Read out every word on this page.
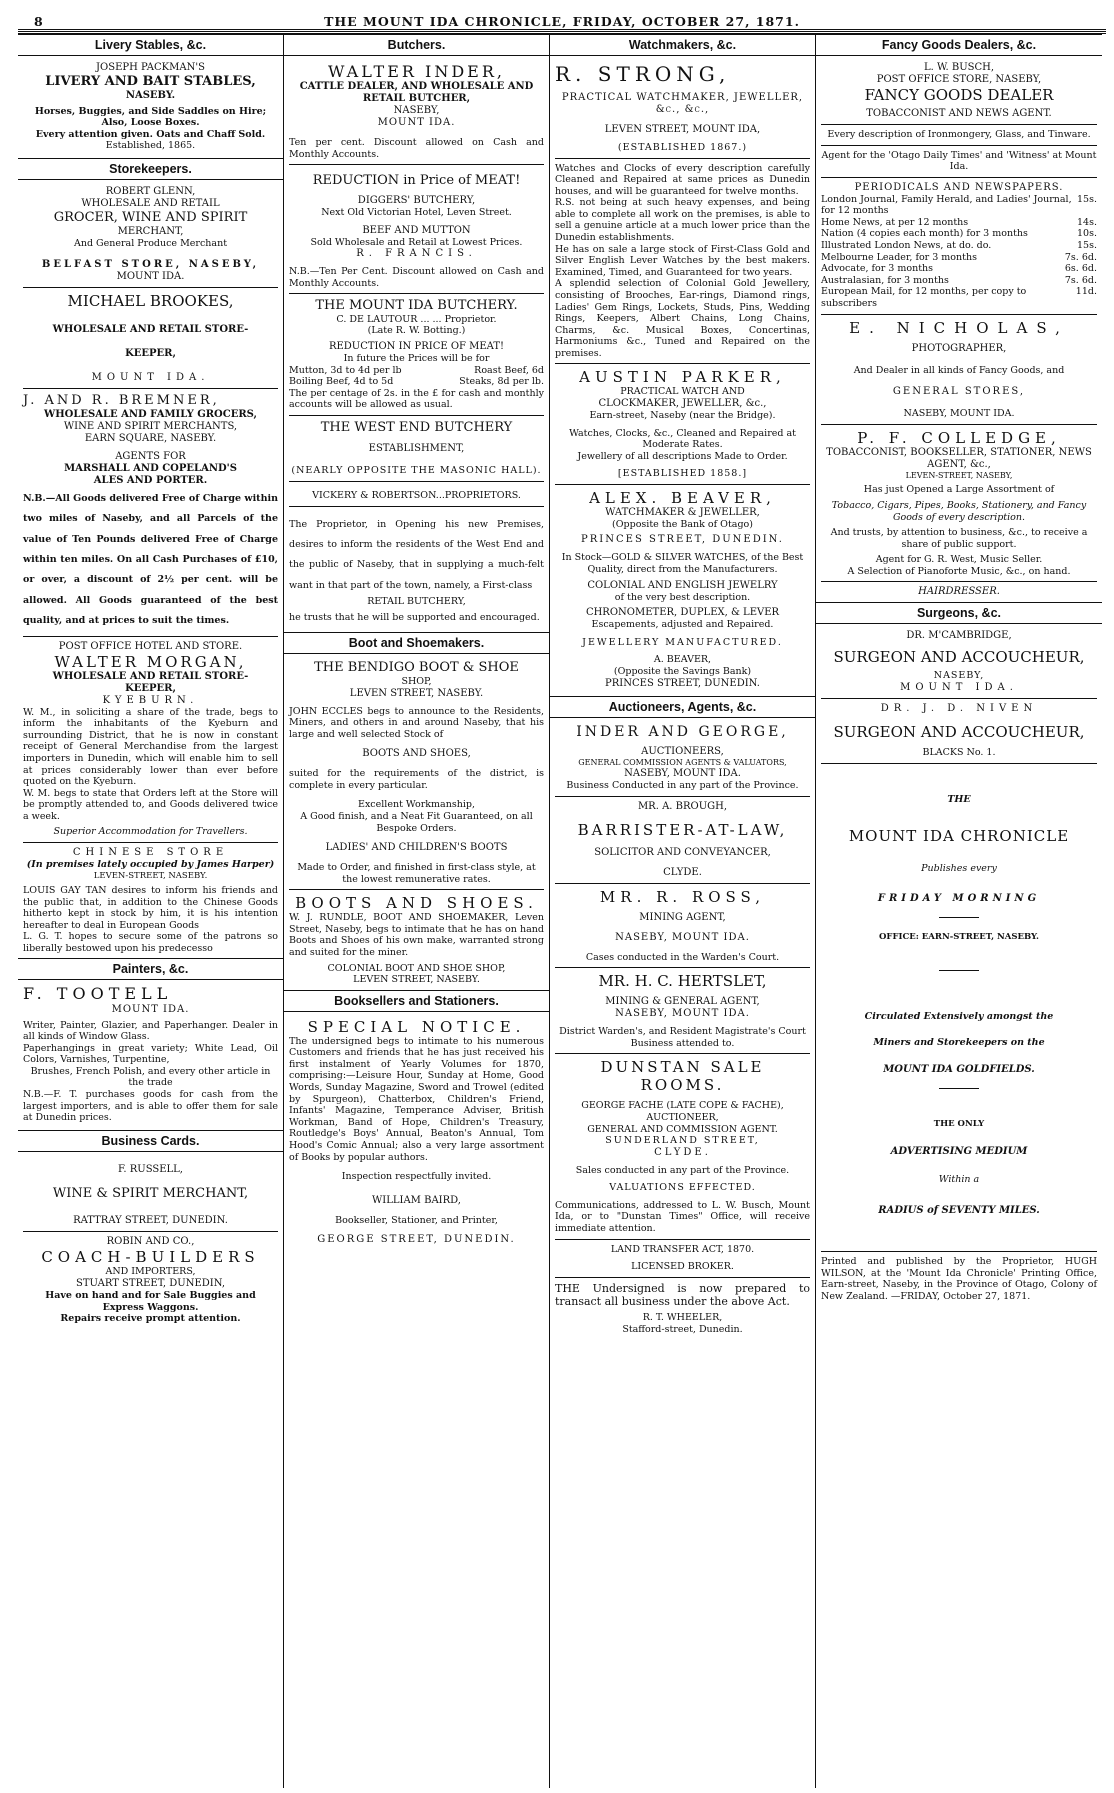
8	THE MOUNT IDA CHRONICLE, FRIDAY, OCTOBER 27, 1871.
Livery Stables, &c.
JOSEPH PACKMAN'S
LIVERY AND BAIT STABLES,
NASEBY.
Horses, Buggies, and Side Saddles on Hire; Also, Loose Boxes.
Every attention given. Oats and Chaff Sold.
Established, 1865.
Storekeepers.
ROBERT GLENN,
WHOLESALE AND RETAIL
GROCER, WINE AND SPIRIT
MERCHANT,
And General Produce Merchant
BELFAST STORE, NASEBY,
MOUNT IDA.
MICHAEL BROOKES,
WHOLESALE AND RETAIL STORE-
KEEPER,
MOUNT IDA.
J. AND R. BREMNER,
WHOLESALE AND FAMILY GROCERS,
WINE AND SPIRIT MERCHANTS,
EARN SQUARE, NASEBY.
AGENTS FOR
MARSHALL AND COPELAND'S
ALES AND PORTER.
N.B.—All Goods delivered Free of Charge within two miles of Naseby, and all Parcels of the value of Ten Pounds delivered Free of Charge within ten miles. On all Cash Purchases of £10, or over, a discount of 2½ per cent. will be allowed. All Goods guaranteed of the best quality, and at prices to suit the times.
POST OFFICE HOTEL AND STORE.
WALTER MORGAN,
WHOLESALE AND RETAIL STORE-
KEEPER,
KYEBURN.
W. M., in soliciting a share of the trade, begs to inform the inhabitants of the Kyeburn and surrounding District, that he is now in constant receipt of General Merchandise from the largest importers in Dunedin, which will enable him to sell at prices considerably lower than ever before quoted on the Kyeburn.
W. M. begs to state that Orders left at the Store will be promptly attended to, and Goods delivered twice a week.
Superior Accommodation for Travellers.
CHINESE STORE
(In premises lately occupied by James Harper)
LEVEN-STREET, NASEBY.
LOUIS GAY TAN desires to inform his friends and the public that, in addition to the Chinese Goods hitherto kept in stock by him, it is his intention hereafter to deal in European Goods
L. G. T. hopes to secure some of the patrons so liberally bestowed upon his predecesso
Painters, &c.
F. TOOTELL
MOUNT IDA.
Writer, Painter, Glazier, and Paperhanger. Dealer in all kinds of Window Glass.
Paperhangings in great variety; White Lead, Oil Colors, Varnishes, Turpentine,
Brushes, French Polish, and every other article in the trade
N.B.—F. T. purchases goods for cash from the largest importers, and is able to offer them for sale at Dunedin prices.
Business Cards.
F. RUSSELL,
WINE & SPIRIT MERCHANT,
RATTRAY STREET, DUNEDIN.
ROBIN AND CO.,
COACH-BUILDERS
AND IMPORTERS,
STUART STREET, DUNEDIN,
Have on hand and for Sale Buggies and Express Waggons.
Repairs receive prompt attention.
Butchers.
WALTER INDER,
CATTLE DEALER, AND WHOLESALE AND RETAIL BUTCHER,
NASEBY,
MOUNT IDA.
Ten per cent. Discount allowed on Cash and Monthly Accounts.
REDUCTION in Price of MEAT!
DIGGERS' BUTCHERY,
Next Old Victorian Hotel, Leven Street.
BEEF AND MUTTON
Sold Wholesale and Retail at Lowest Prices.
R. FRANCIS.
N.B.—Ten Per Cent. Discount allowed on Cash and Monthly Accounts.
THE MOUNT IDA BUTCHERY.
C. DE LAUTOUR ... ... Proprietor.
(Late R. W. Botting.)
REDUCTION IN PRICE OF MEAT!
In future the Prices will be for
Mutton, 3d to 4d per lb	Roast Beef, 6d
Boiling Beef, 4d to 5d	Steaks, 8d per lb.
The per centage of 2s. in the £ for cash and monthly accounts will be allowed as usual.
THE WEST END BUTCHERY
ESTABLISHMENT,
(NEARLY OPPOSITE THE MASONIC HALL).
VICKERY & ROBERTSON...PROPRIETORS.
The Proprietor, in Opening his new Premises, desires to inform the residents of the West End and the public of Naseby, that in supplying a much-felt want in that part of the town, namely, a First-class
RETAIL BUTCHERY,
he trusts that he will be supported and encouraged.
Boot and Shoemakers.
THE BENDIGO BOOT & SHOE
SHOP,
LEVEN STREET, NASEBY.
JOHN ECCLES begs to announce to the Residents, Miners, and others in and around Naseby, that his large and well selected Stock of
BOOTS AND SHOES,
suited for the requirements of the district, is complete in every particular.
Excellent Workmanship,
A Good finish, and a Neat Fit Guaranteed, on all Bespoke Orders.
LADIES' AND CHILDREN'S BOOTS
Made to Order, and finished in first-class style, at the lowest remunerative rates.
BOOTS AND SHOES.
W. J. RUNDLE, BOOT AND SHOEMAKER, Leven Street, Naseby, begs to intimate that he has on hand Boots and Shoes of his own make, warranted strong and suited for the miner.
COLONIAL BOOT AND SHOE SHOP,
LEVEN STREET, NASEBY.
Booksellers and Stationers.
SPECIAL NOTICE.
The undersigned begs to intimate to his numerous Customers and friends that he has just received his first instalment of Yearly Volumes for 1870, comprising:—Leisure Hour, Sunday at Home, Good Words, Sunday Magazine, Sword and Trowel (edited by Spurgeon), Chatterbox, Children's Friend, Infants' Magazine, Temperance Adviser, British Workman, Band of Hope, Children's Treasury, Routledge's Boys' Annual, Beaton's Annual, Tom Hood's Comic Annual; also a very large assortment of Books by popular authors.
Inspection respectfully invited.
WILLIAM BAIRD,
Bookseller, Stationer, and Printer,
GEORGE STREET, DUNEDIN.
Watchmakers, &c.
R. STRONG,
PRACTICAL WATCHMAKER, JEWELLER, &c., &c.,
LEVEN STREET, MOUNT IDA,
(ESTABLISHED 1867.)
Watches and Clocks of every description carefully Cleaned and Repaired at same prices as Dunedin houses, and will be guaranteed for twelve months.
R.S. not being at such heavy expenses, and being able to complete all work on the premises, is able to sell a genuine article at a much lower price than the Dunedin establishments.
He has on sale a large stock of First-Class Gold and Silver English Lever Watches by the best makers. Examined, Timed, and Guaranteed for two years.
A splendid selection of Colonial Gold Jewellery, consisting of Brooches, Ear-rings, Diamond rings, Ladies' Gem Rings, Lockets, Studs, Pins, Wedding Rings, Keepers, Albert Chains, Long Chains, Charms, &c. Musical Boxes, Concertinas, Harmoniums &c., Tuned and Repaired on the premises.
AUSTIN PARKER,
PRACTICAL WATCH AND
CLOCKMAKER, JEWELLER, &c.,
Earn-street, Naseby (near the Bridge).
Watches, Clocks, &c., Cleaned and Repaired at Moderate Rates.
Jewellery of all descriptions Made to Order.
[ESTABLISHED 1858.]
ALEX. BEAVER,
WATCHMAKER & JEWELLER,
(Opposite the Bank of Otago)
PRINCES STREET, DUNEDIN.
In Stock—GOLD & SILVER WATCHES, of the Best Quality, direct from the Manufacturers.
COLONIAL AND ENGLISH JEWELRY
of the very best description.
CHRONOMETER, DUPLEX, & LEVER
Escapements, adjusted and Repaired.
JEWELLERY MANUFACTURED.
A. BEAVER,
(Opposite the Savings Bank)
PRINCES STREET, DUNEDIN.
Auctioneers, Agents, &c.
INDER AND GEORGE,
AUCTIONEERS,
GENERAL COMMISSION AGENTS & VALUATORS,
NASEBY, MOUNT IDA.
Business Conducted in any part of the Province.
MR. A. BROUGH,
BARRISTER-AT-LAW,
SOLICITOR AND CONVEYANCER,
CLYDE.
MR. R. ROSS,
MINING AGENT,
NASEBY, MOUNT IDA.
Cases conducted in the Warden's Court.
MR. H. C. HERTSLET,
MINING & GENERAL AGENT,
NASEBY, MOUNT IDA.
District Warden's, and Resident Magistrate's Court Business attended to.
DUNSTAN SALE ROOMS.
GEORGE FACHE (LATE COPE & FACHE),
AUCTIONEER,
GENERAL AND COMMISSION AGENT.
SUNDERLAND STREET,
CLYDE.
Sales conducted in any part of the Province.
VALUATIONS EFFECTED.
Communications, addressed to L. W. Busch, Mount Ida, or to "Dunstan Times" Office, will receive immediate attention.
LAND TRANSFER ACT, 1870.
LICENSED BROKER.
THE Undersigned is now prepared to transact all business under the above Act.
R. T. WHEELER,
Stafford-street, Dunedin.
Fancy Goods Dealers, &c.
L. W. BUSCH,
POST OFFICE STORE, NASEBY,
FANCY GOODS DEALER
TOBACCONIST AND NEWS AGENT.
Every description of Ironmongery, Glass, and Tinware.
Agent for the 'Otago Daily Times' and 'Witness' at Mount Ida.
PERIODICALS AND NEWSPAPERS.
London Journal, Family Herald, and Ladies' Journal, for 12 months
15s.
Home News, at per 12 months	14s.
Nation (4 copies each month) for 3 months	10s.
Illustrated London News, at do. do.	15s.
Melbourne Leader, for 3 months	7s. 6d.
Advocate, for 3 months	6s. 6d.
Australasian, for 3 months	7s. 6d.
European Mail, for 12 months, per copy to subscribers
11d.
E. NICHOLAS,
PHOTOGRAPHER,
And Dealer in all kinds of Fancy Goods, and
GENERAL STORES,
NASEBY, MOUNT IDA.
P. F. COLLEDGE,
TOBACCONIST, BOOKSELLER, STATIONER, NEWS AGENT, &c.,
LEVEN-STREET, NASEBY,
Has just Opened a Large Assortment of
Tobacco, Cigars, Pipes, Books, Stationery, and Fancy Goods of every description.
And trusts, by attention to business, &c., to receive a share of public support.
Agent for G. R. West, Music Seller.
A Selection of Pianoforte Music, &c., on hand.
HAIRDRESSER.
Surgeons, &c.
DR. M'CAMBRIDGE,
SURGEON AND ACCOUCHEUR,
NASEBY,
MOUNT IDA.
DR. J. D. NIVEN
SURGEON AND ACCOUCHEUR,
BLACKS No. 1.
THE
MOUNT IDA CHRONICLE
Publishes every
FRIDAY MORNING
OFFICE: EARN-STREET, NASEBY.
Circulated Extensively amongst the
Miners and Storekeepers on the
MOUNT IDA GOLDFIELDS.
THE ONLY
ADVERTISING MEDIUM
Within a
RADIUS of SEVENTY MILES.
Printed and published by the Proprietor, HUGH WILSON, at the 'Mount Ida Chronicle' Printing Office, Earn-street, Naseby, in the Province of Otago, Colony of New Zealand. —FRIDAY, October 27, 1871.
